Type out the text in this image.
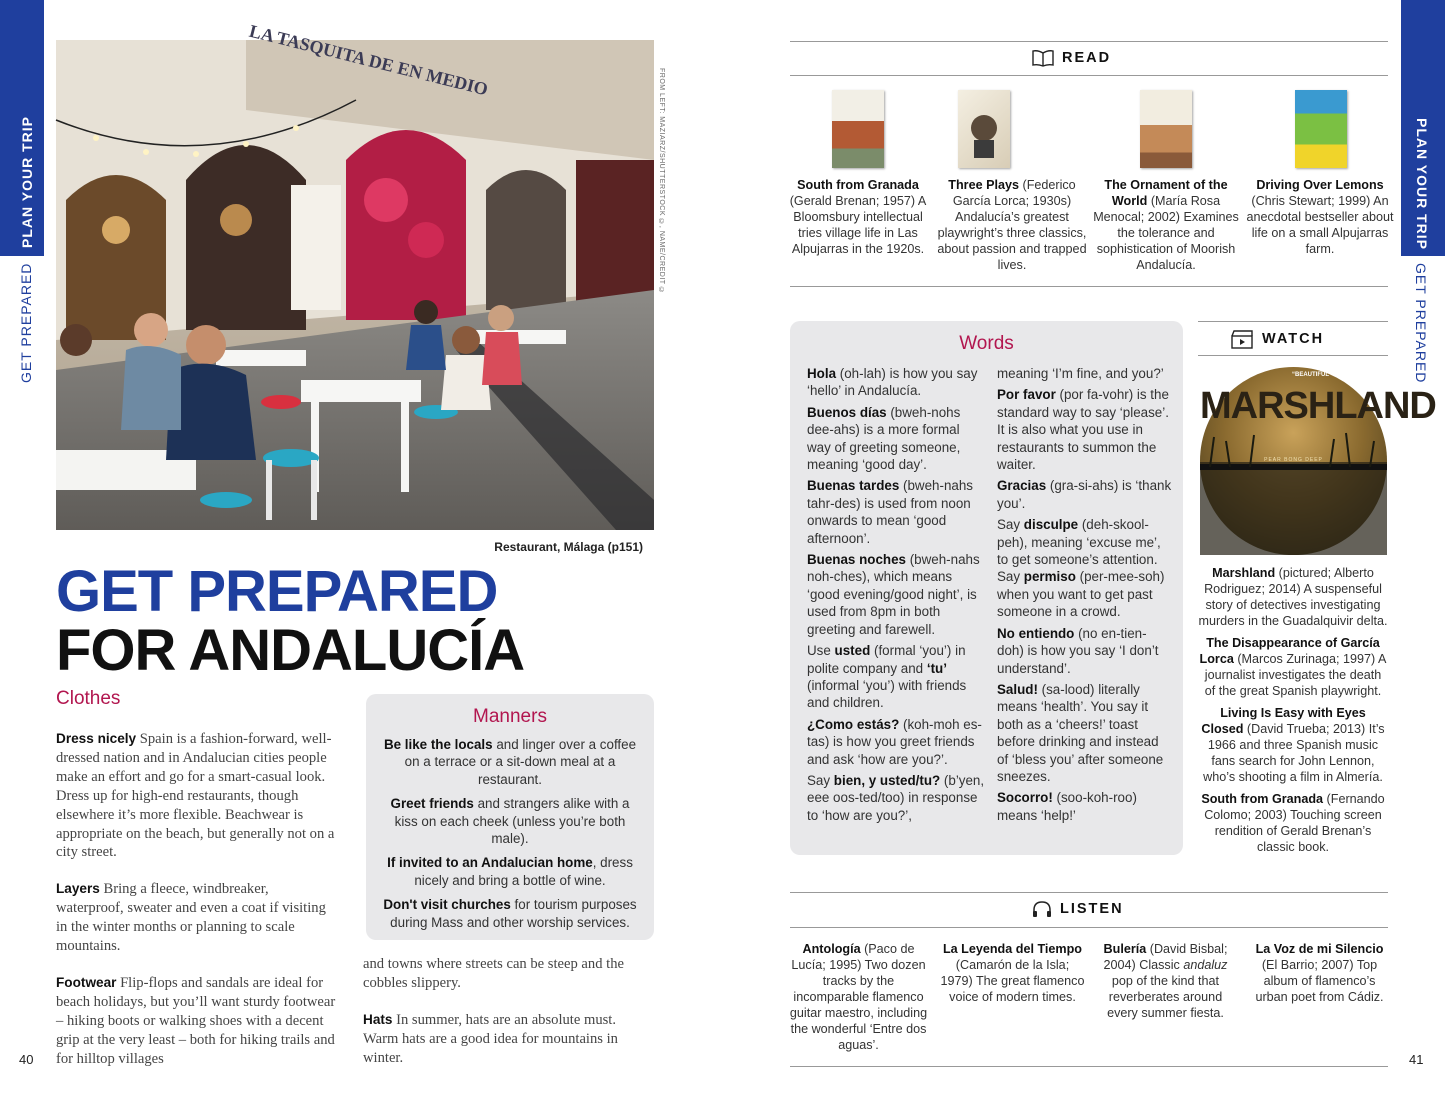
PLAN YOUR TRIP
GET PREPARED
PLAN YOUR TRIP
GET PREPARED
40	41
LA TASQUITA DE EN MEDIO
FROM LEFT: MAZIARZ/SHUTTERSTOCK ©, NAME/CREDIT ©
Restaurant, Málaga (p151)
GET PREPARED
FOR ANDALUCÍA
Clothes

Dress nicely Spain is a fashion-forward, well-dressed nation and in Andalucian cities people make an effort and go for a smart-casual look. Dress up for high-end restaurants, though elsewhere it’s more flexible. Beachwear is appropriate on the beach, but generally not on a city street.

Layers Bring a fleece, windbreaker, waterproof, sweater and even a coat if visiting in the winter months or planning to scale mountains.

Footwear Flip-flops and sandals are ideal for beach holidays, but you’ll want sturdy footwear – hiking boots or walking shoes with a decent grip at the very least – both for hiking trails and for hilltop villages

and towns where streets can be steep and the cobbles slippery.

Hats In summer, hats are an absolute must. Warm hats are a good idea for mountains in winter.

Manners

Be like the locals and linger over a coffee on a terrace or a sit-down meal at a restaurant.

Greet friends and strangers alike with a kiss on each cheek (unless you’re both male).

If invited to an Andalucian home, dress nicely and bring a bottle of wine.

Don't visit churches for tourism purposes during Mass and other worship services.

READ
South from Granada (Gerald Brenan; 1957) A Bloomsbury intellectual tries village life in Las Alpujarras in the 1920s.
Three Plays (Federico García Lorca; 1930s) Andalucía’s greatest playwright’s three classics, about passion and trapped lives.
The Ornament of the World (María Rosa Menocal; 2002) Examines the tolerance and sophistication of Moorish Andalucía.
Driving Over Lemons (Chris Stewart; 1999) An anecdotal bestseller about life on a small Alpujarras farm.
Words

Hola (oh-lah) is how you say ‘hello’ in Andalucía.

Buenos días (bweh-nohs dee-ahs) is a more formal way of greeting someone, meaning ‘good day’.

Buenas tardes (bweh-nahs tahr-des) is used from noon onwards to mean ‘good afternoon’.

Buenas noches (bweh-nahs noh-ches), which means ‘good evening/good night’, is used from 8pm in both greeting and farewell.

Use usted (formal ‘you’) in polite company and ‘tu’ (informal ‘you’) with friends and children.

¿Como estás? (koh-moh es-tas) is how you greet friends and ask ‘how are you?’.

Say bien, y usted/tu? (b’yen, eee oos-ted/too) in response to ‘how are you?’,

meaning ‘I’m fine, and you?’

Por favor (por fa-vohr) is the standard way to say ‘please’. It is also what you use in restaurants to summon the waiter.

Gracias (gra-si-ahs) is ‘thank you’.

Say disculpe (deh-skool-peh), meaning ‘excuse me’, to get someone’s attention. Say permiso (per-mee-soh) when you want to get past someone in a crowd.

No entiendo (no en-tien-doh) is how you say ‘I don’t understand’.

Salud! (sa-lood) literally means ‘health’. You say it both as a ‘cheers!’ toast before drinking and instead of ‘bless you’ after someone sneezes.

Socorro! (soo-koh-roo) means ‘help!’

WATCH
MARSHLAND
PEAR BONG DEEP
“BEAUTIFUL”

Marshland (pictured; Alberto Rodriguez; 2014) A suspenseful story of detectives investigating murders in the Guadalquivir delta.

The Disappearance of García Lorca (Marcos Zurinaga; 1997) A journalist investigates the death of the great Spanish playwright.

Living Is Easy with Eyes Closed (David Trueba; 2013) It’s 1966 and three Spanish music fans search for John Lennon, who’s shooting a film in Almería.

South from Granada (Fernando Colomo; 2003) Touching screen rendition of Gerald Brenan’s classic book.

LISTEN
Antología (Paco de Lucía; 1995) Two dozen tracks by the incomparable flamenco guitar maestro, including the wonderful ‘Entre dos aguas’.
La Leyenda del Tiempo (Camarón de la Isla; 1979) The great flamenco voice of modern times.
Bulería (David Bisbal; 2004) Classic andaluz pop of the kind that reverberates around every summer fiesta.
La Voz de mi Silencio (El Barrio; 2007) Top album of flamenco’s urban poet from Cádiz.
